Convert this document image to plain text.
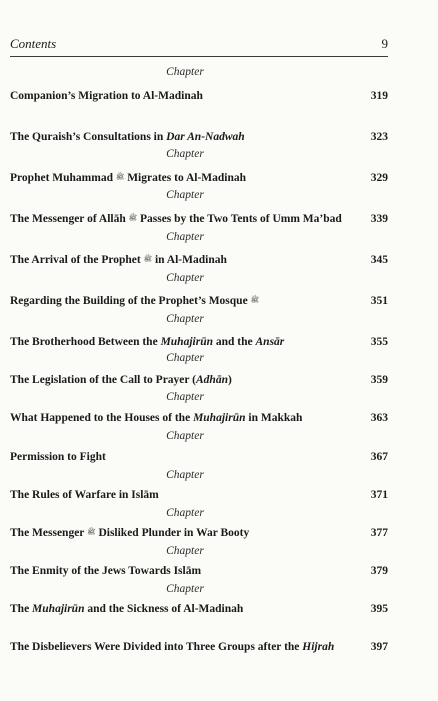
Contents	9
Chapter
Chapter
Chapter
Chapter
Chapter
Chapter
Chapter
Chapter
Chapter
Chapter
Chapter
Chapter
Chapter
Companion’s Migration to Al-Madinah	319
The Quraish’s Consultations in Dar An-Nadwah	323
Prophet Muhammad ﷺ Migrates to Al-Madinah	329
The Messenger of Allāh ﷺ Passes by the Two Tents of Umm Ma’bad	339
The Arrival of the Prophet ﷺ in Al-Madinah	345
Regarding the Building of the Prophet’s Mosque ﷺ	351
The Brotherhood Between the Muhajirūn and the Ansār	355
The Legislation of the Call to Prayer (Adhān)	359
What Happened to the Houses of the Muhajirūn in Makkah	363
Permission to Fight	367
The Rules of Warfare in Islām	371
The Messenger ﷺ Disliked Plunder in War Booty	377
The Enmity of the Jews Towards Islām	379
The Muhajirūn and the Sickness of Al-Madinah	395
The Disbelievers Were Divided into Three Groups after the Hijrah	397
